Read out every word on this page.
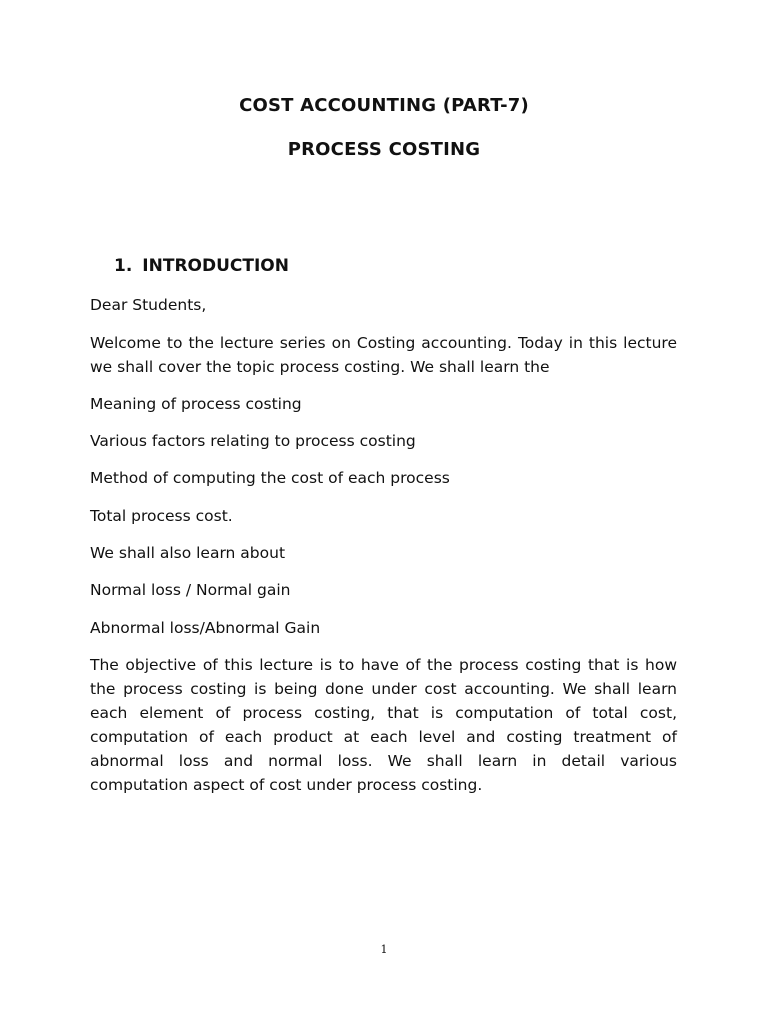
COST ACCOUNTING (PART-7)
PROCESS COSTING
1. INTRODUCTION
Dear Students,
Welcome to the lecture series on Costing accounting. Today in this lecture we shall cover the topic process costing. We shall learn the
Meaning of process costing
Various factors relating to process costing
Method of computing the cost of each process
Total process cost.
We shall also learn about
Normal loss / Normal gain
Abnormal loss/Abnormal Gain
The objective of this lecture is to have of the process costing that is how the process costing is being done under cost accounting. We shall learn each element of process costing, that is computation of total cost, computation of each product at each level and costing treatment of abnormal loss and normal loss. We shall learn in detail various computation aspect of cost under process costing.
1
